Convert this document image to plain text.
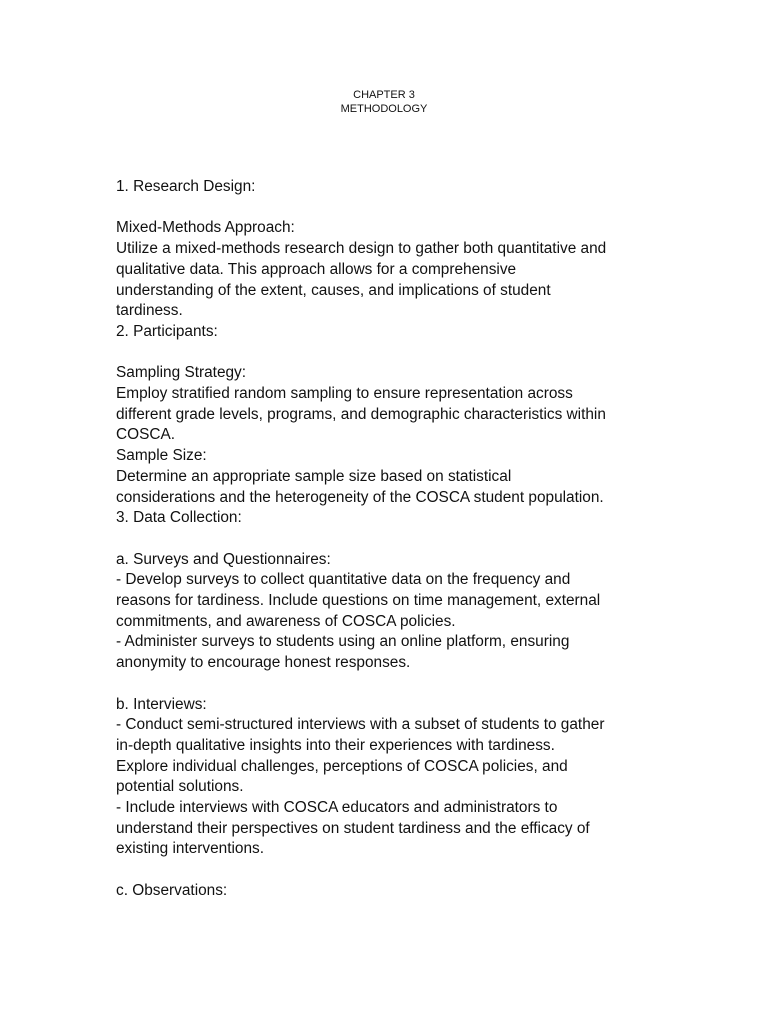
CHAPTER 3
METHODOLOGY
1. Research Design:
Mixed-Methods Approach:
Utilize a mixed-methods research design to gather both quantitative and
qualitative data. This approach allows for a comprehensive
understanding of the extent, causes, and implications of student
tardiness.
2. Participants:
Sampling Strategy:
Employ stratified random sampling to ensure representation across
different grade levels, programs, and demographic characteristics within
COSCA.
Sample Size:
Determine an appropriate sample size based on statistical
considerations and the heterogeneity of the COSCA student population.
3. Data Collection:
a. Surveys and Questionnaires:
- Develop surveys to collect quantitative data on the frequency and
reasons for tardiness. Include questions on time management, external
commitments, and awareness of COSCA policies.
- Administer surveys to students using an online platform, ensuring
anonymity to encourage honest responses.
b. Interviews:
- Conduct semi-structured interviews with a subset of students to gather
in-depth qualitative insights into their experiences with tardiness.
Explore individual challenges, perceptions of COSCA policies, and
potential solutions.
- Include interviews with COSCA educators and administrators to
understand their perspectives on student tardiness and the efficacy of
existing interventions.
c. Observations:
